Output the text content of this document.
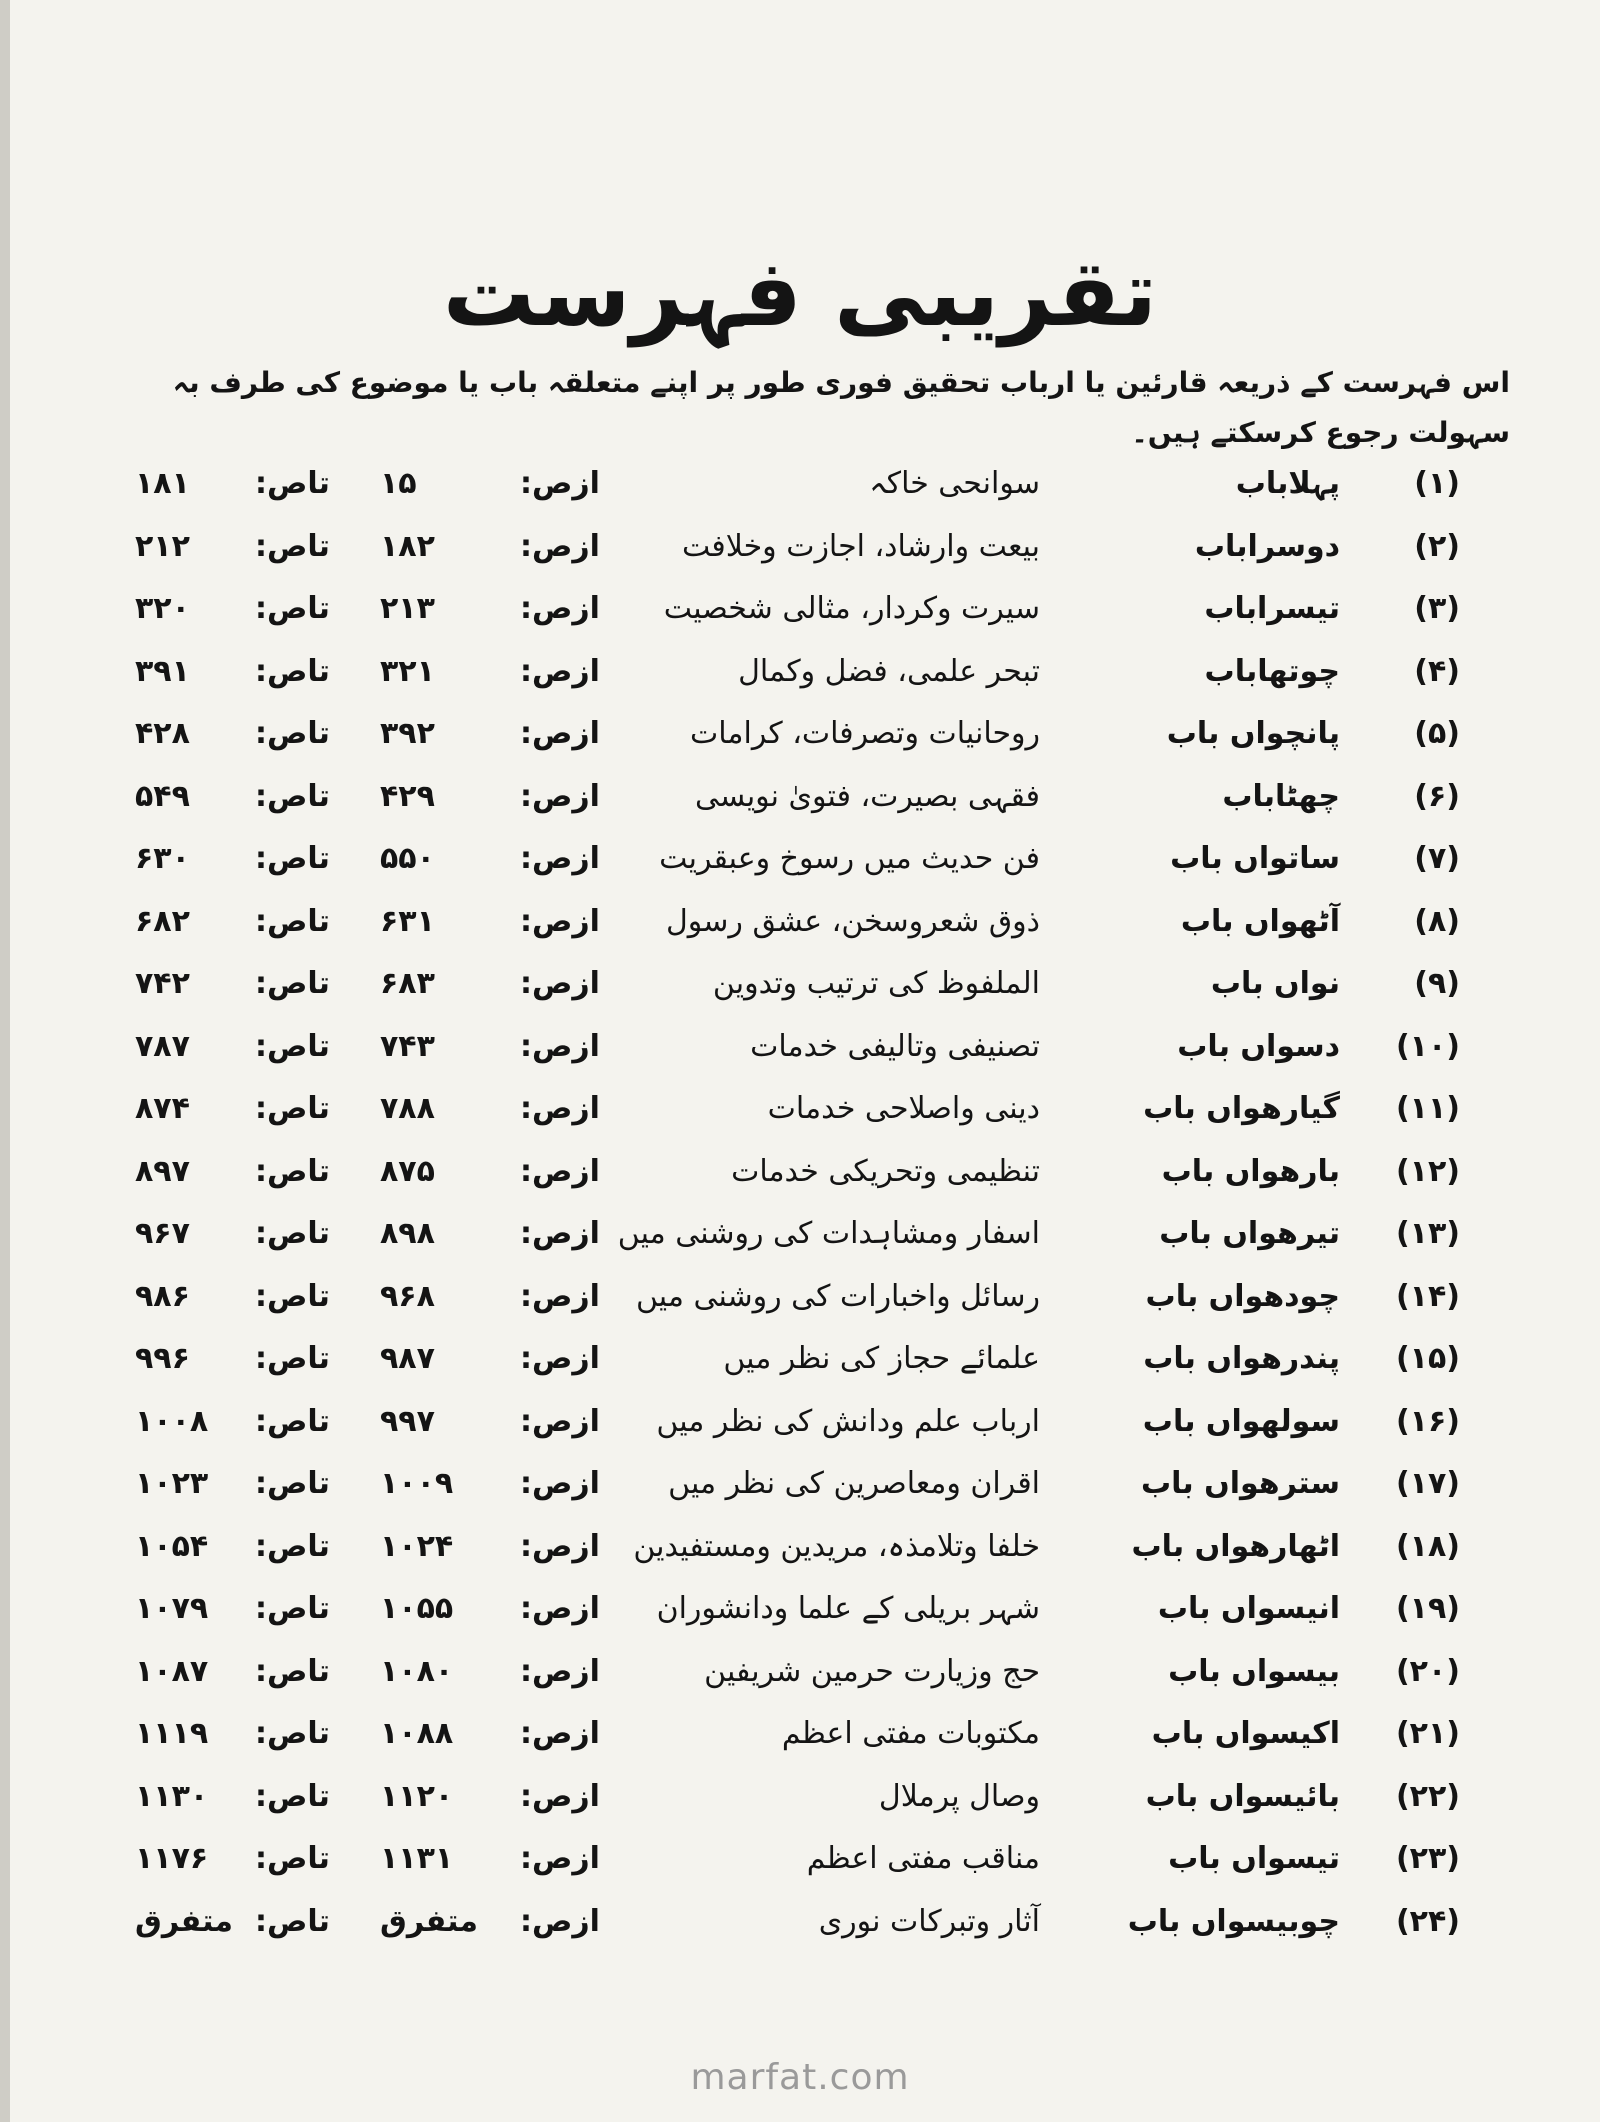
تقریبی فہرست
اس فہرست کے ذریعہ قارئین یا ارباب تحقیق فوری طور پر اپنے متعلقہ باب یا موضوع کی طرف بہ سہولت رجوع کرسکتے ہیں۔
(۱)
پہلاباب
سوانحی خاکہ
ازص:
۱۵
تاص:
۱۸۱
(۲)
دوسراباب
بیعت وارشاد، اجازت وخلافت
ازص:
۱۸۲
تاص:
۲۱۲
(۳)
تیسراباب
سیرت وکردار، مثالی شخصیت
ازص:
۲۱۳
تاص:
۳۲۰
(۴)
چوتھاباب
تبحر علمی، فضل وکمال
ازص:
۳۲۱
تاص:
۳۹۱
(۵)
پانچواں باب
روحانیات وتصرفات، کرامات
ازص:
۳۹۲
تاص:
۴۲۸
(۶)
چھٹاباب
فقہی بصیرت، فتویٰ نویسی
ازص:
۴۲۹
تاص:
۵۴۹
(۷)
ساتواں باب
فن حدیث میں رسوخ وعبقریت
ازص:
۵۵۰
تاص:
۶۳۰
(۸)
آٹھواں باب
ذوق شعروسخن، عشق رسول
ازص:
۶۳۱
تاص:
۶۸۲
(۹)
نواں باب
الملفوظ کی ترتیب وتدوین
ازص:
۶۸۳
تاص:
۷۴۲
(۱۰)
دسواں باب
تصنیفی وتالیفی خدمات
ازص:
۷۴۳
تاص:
۷۸۷
(۱۱)
گیارھواں باب
دینی واصلاحی خدمات
ازص:
۷۸۸
تاص:
۸۷۴
(۱۲)
بارھواں باب
تنظیمی وتحریکی خدمات
ازص:
۸۷۵
تاص:
۸۹۷
(۱۳)
تیرھواں باب
اسفار ومشاہدات کی روشنی میں
ازص:
۸۹۸
تاص:
۹۶۷
(۱۴)
چودھواں باب
رسائل واخبارات کی روشنی میں
ازص:
۹۶۸
تاص:
۹۸۶
(۱۵)
پندرھواں باب
علمائے حجاز کی نظر میں
ازص:
۹۸۷
تاص:
۹۹۶
(۱۶)
سولھواں باب
ارباب علم ودانش کی نظر میں
ازص:
۹۹۷
تاص:
۱۰۰۸
(۱۷)
سترھواں باب
اقران ومعاصرین کی نظر میں
ازص:
۱۰۰۹
تاص:
۱۰۲۳
(۱۸)
اٹھارھواں باب
خلفا وتلامذہ، مریدین ومستفیدین
ازص:
۱۰۲۴
تاص:
۱۰۵۴
(۱۹)
انیسواں باب
شہر بریلی کے علما ودانشوران
ازص:
۱۰۵۵
تاص:
۱۰۷۹
(۲۰)
بیسواں باب
حج وزیارت حرمین شریفین
ازص:
۱۰۸۰
تاص:
۱۰۸۷
(۲۱)
اکیسواں باب
مکتوبات مفتی اعظم
ازص:
۱۰۸۸
تاص:
۱۱۱۹
(۲۲)
بائیسواں باب
وصال پرملال
ازص:
۱۱۲۰
تاص:
۱۱۳۰
(۲۳)
تیسواں باب
مناقب مفتی اعظم
ازص:
۱۱۳۱
تاص:
۱۱۷۶
(۲۴)
چوبیسواں باب
آثار وتبرکات نوری
ازص:
متفرق
تاص:
متفرق
marfat.com
